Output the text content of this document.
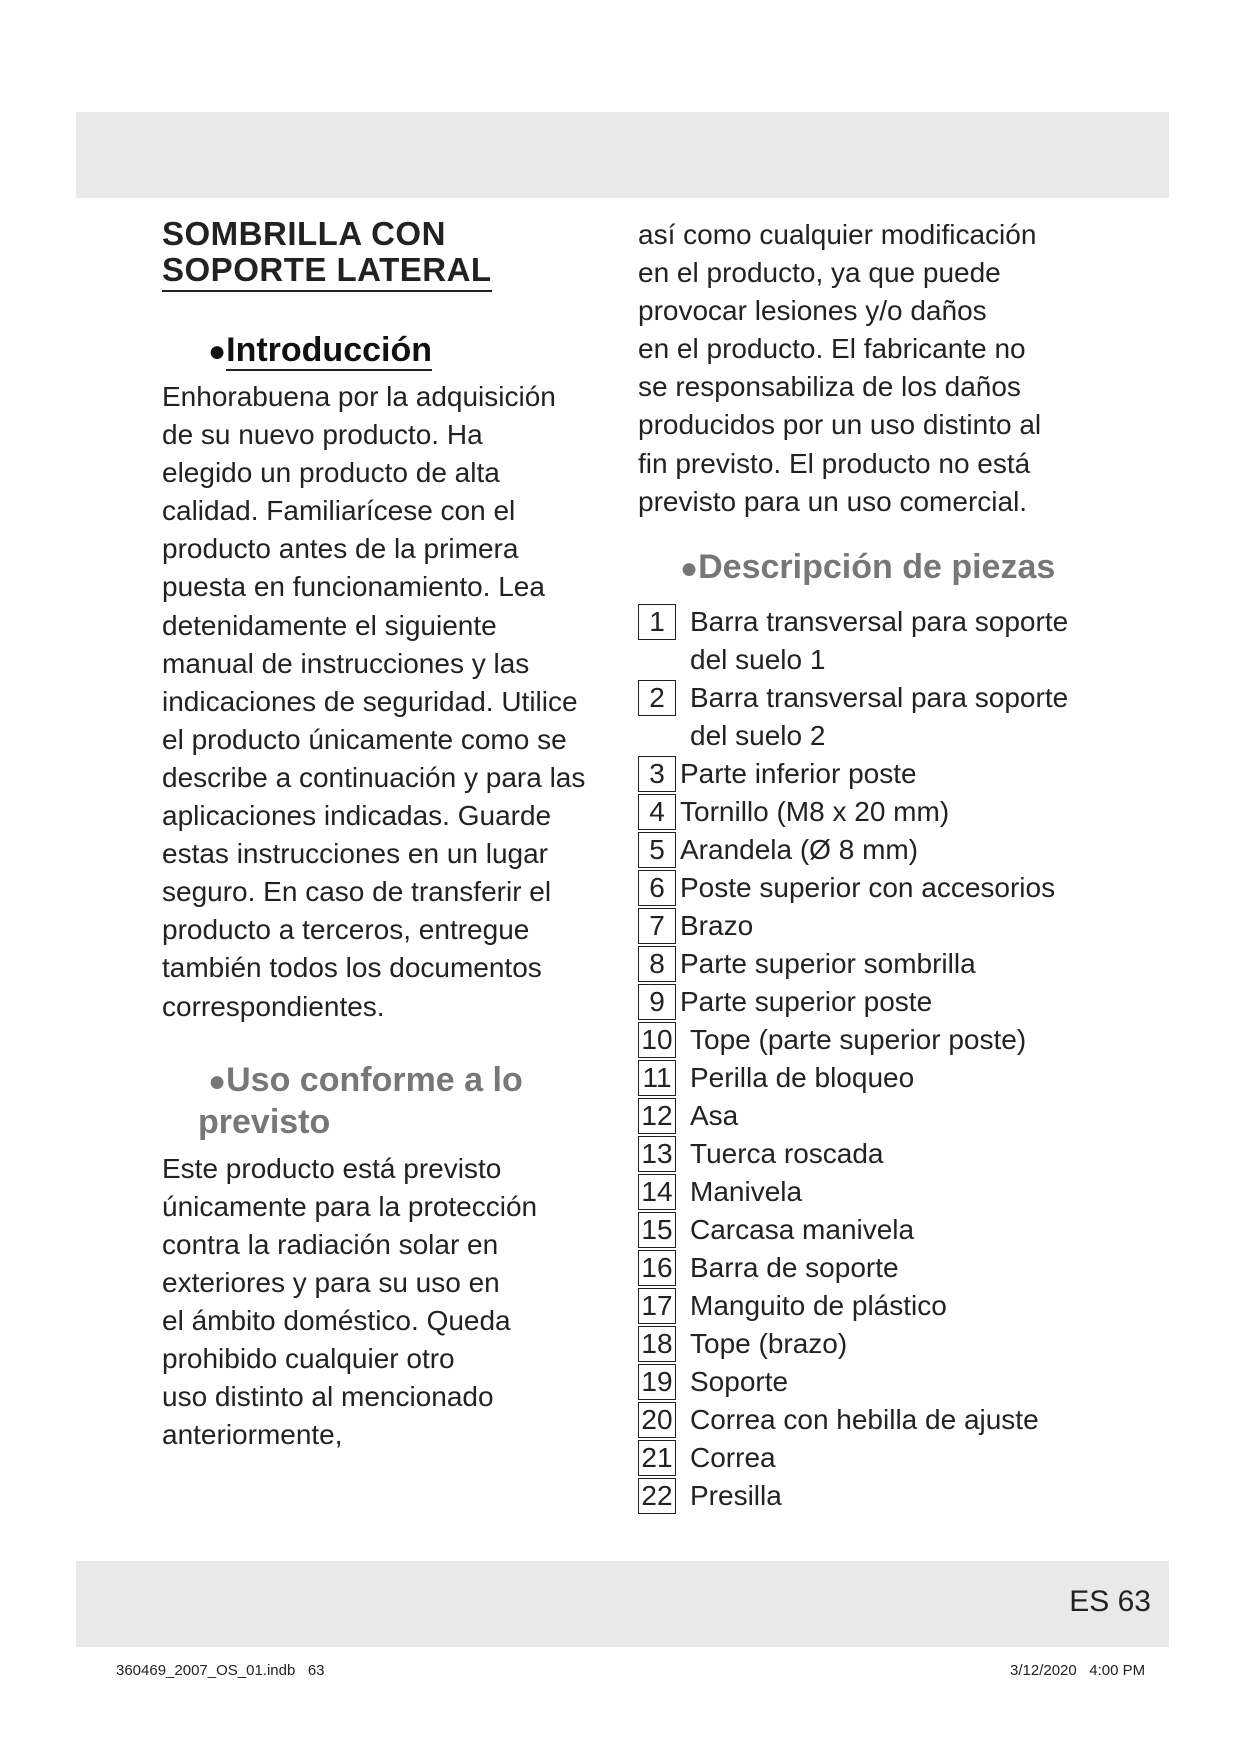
SOMBRILLA CON
SOPORTE LATERAL
●Introducción

Enhorabuena por la adquisición
de su nuevo producto. Ha
elegido un producto de alta
calidad. Familiarícese con el
producto antes de la primera
puesta en funcionamiento. Lea
detenidamente el siguiente
manual de instrucciones y las
indicaciones de seguridad. Utilice
el producto únicamente como se
describe a continuación y para las
aplicaciones indicadas. Guarde
estas instrucciones en un lugar
seguro. En caso de transferir el
producto a terceros, entregue
también todos los documentos
correspondientes.

●Uso conforme a lo
previsto

Este producto está previsto
únicamente para la protección
contra la radiación solar en
exteriores y para su uso en
el ámbito doméstico. Queda
prohibido cualquier otro
uso distinto al mencionado
anteriormente,

así como cualquier modificación
en el producto, ya que puede
provocar lesiones y/o daños
en el producto. El fabricante no
se responsabiliza de los daños
producidos por un uso distinto al
fin previsto. El producto no está
previsto para un uso comercial.

●Descripción de piezas
1 Barra transversal para soporte
del suelo 1
2 Barra transversal para soporte
del suelo 2
3 Parte inferior poste
4 Tornillo (M8 x 20 mm)
5 Arandela (Ø 8 mm)
6 Poste superior con accesorios
7 Brazo
8 Parte superior sombrilla
9 Parte superior poste
10 Tope (parte superior poste)
11 Perilla de bloqueo
12 Asa
13 Tuerca roscada
14 Manivela
15 Carcasa manivela
16 Barra de soporte
17 Manguito de plástico
18 Tope (brazo)
19 Soporte
20 Correa con hebilla de ajuste
21 Correa
22 Presilla
ES 63
360469_2007_OS_01.indb   63	3/12/2020   4:00 PM
